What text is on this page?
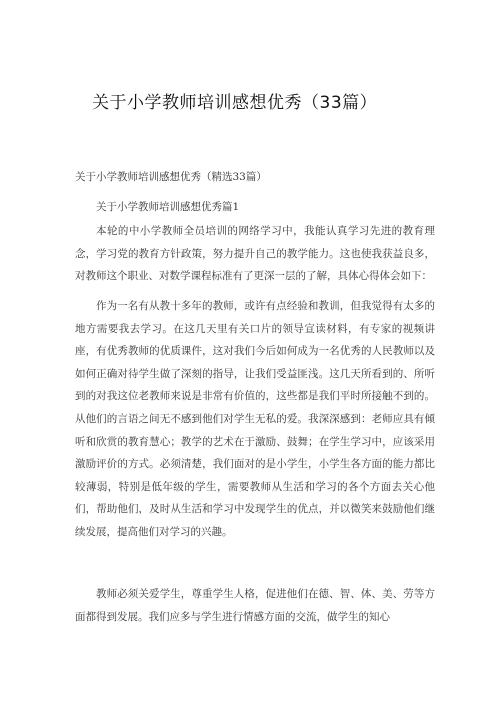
关于小学教师培训感想优秀（33篇）
关于小学教师培训感想优秀（精选33篇）
关于小学教师培训感想优秀篇1

本轮的中小学教师全员培训的网络学习中，我能认真学习先进的教育理念，学习党的教育方针政策，努力提升自己的教学能力。这也使我获益良多，对教师这个职业、对数学课程标准有了更深一层的了解，具体心得体会如下：

作为一名有从教十多年的教师，或许有点经验和教训，但我觉得有太多的地方需要我去学习。在这几天里有关口片的领导宣读材料，有专家的视频讲座，有优秀教师的优质课件，这对我们今后如何成为一名优秀的人民教师以及如何正确对待学生做了深刻的指导，让我们受益匪浅。这几天所看到的、所听到的对我这位老教师来说是非常有价值的，这些都是我们平时所接触不到的。从他们的言语之间无不感到他们对学生无私的爱。我深深感到：老师应具有倾听和欣赏的教育慧心；教学的艺术在于激励、鼓舞；在学生学习中，应该采用激励评价的方式。必须清楚，我们面对的是小学生，小学生各方面的能力都比较薄弱，特别是低年级的学生，需要教师从生活和学习的各个方面去关心他们，帮助他们，及时从生活和学习中发现学生的优点，并以微笑来鼓励他们继续发展，提高他们对学习的兴趣。

教师必须关爱学生，尊重学生人格，促进他们在德、智、体、美、劳等方面都得到发展。我们应多与学生进行情感方面的交流，做学生的知心
